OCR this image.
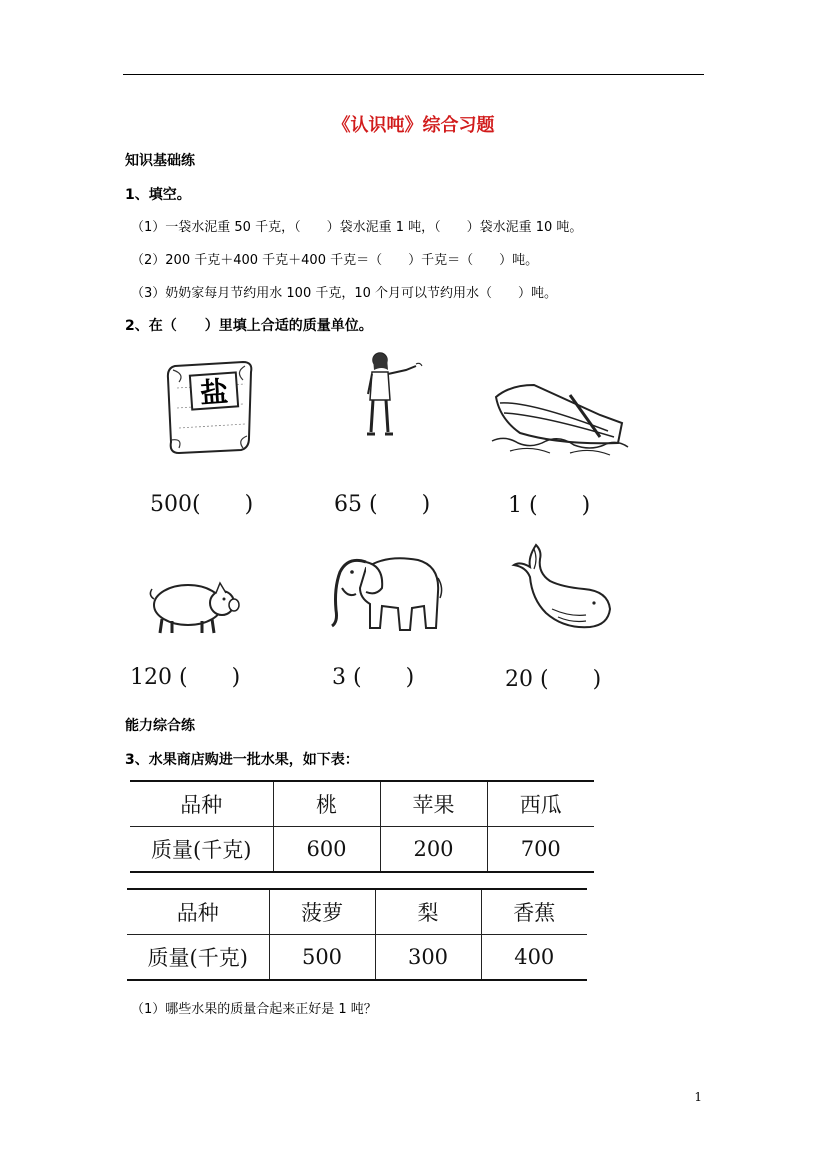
《认识吨》综合习题
知识基础练
1、填空。
（1）一袋水泥重 50 千克，（　　）袋水泥重 1 吨，（　　）袋水泥重 10 吨。
（2）200 千克＋400 千克＋400 千克＝（　　）千克＝（　　）吨。
（3）奶奶家每月节约用水 100 千克，10 个月可以节约用水（　　）吨。
2、在（　　）里填上合适的质量单位。
盐
500(　　)	65 (　　)	1 (　　)
120 (　　)	3 (　　)	20 (　　)
能力综合练
3、水果商店购进一批水果，如下表：
品种	桃	苹果	西瓜
质量(千克)	600	200	700
品种	菠萝	梨	香蕉
质量(千克)	500	300	400
（1）哪些水果的质量合起来正好是 1 吨？
1
